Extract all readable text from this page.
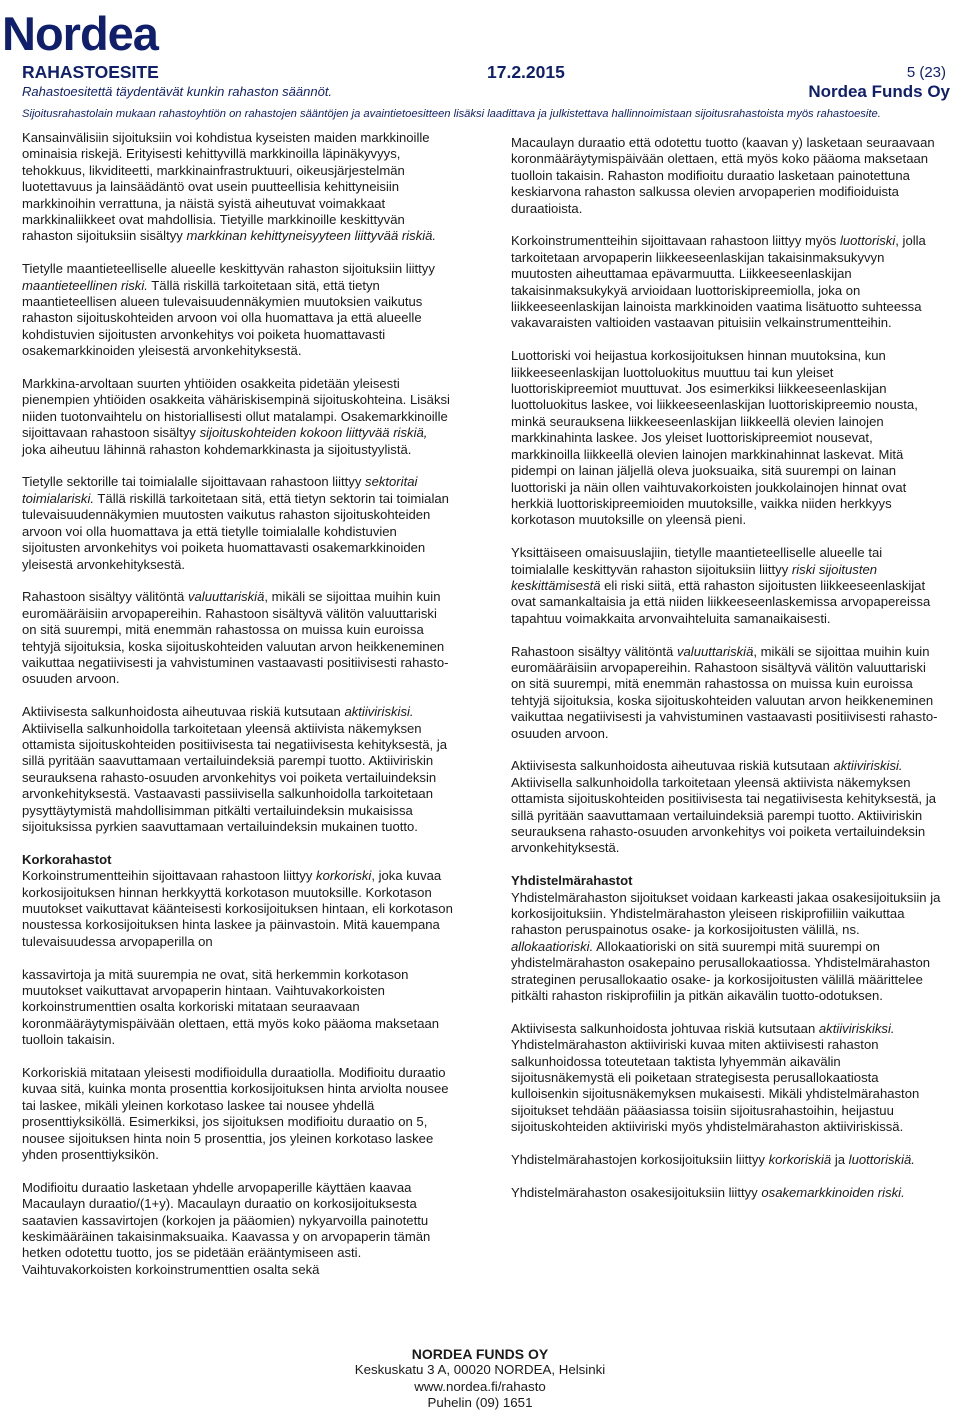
Nordea
RAHASTOESITE	17.2.2015	5 (23)
Rahastoesitettä täydentävät kunkin rahaston säännöt.	Nordea Funds Oy
Sijoitusrahastolain mukaan rahastoyhtiön on rahastojen sääntöjen ja avaintietoesitteen lisäksi laadittava ja julkistettava hallinnoimistaan sijoitusrahastoista myös rahastoesite.

Kansainvälisiin sijoituksiin voi kohdistua kyseisten maiden markkinoille ominaisia riskejä. Erityisesti kehittyvillä markkinoilla läpinäkyvyys, tehokkuus, likviditeetti, markkinainfrastruktuuri, oikeusjärjestelmän luotettavuus ja lainsäädäntö ovat usein puutteellisia kehittyneisiin markkinoihin verrattuna, ja näistä syistä aiheutuvat voimakkaat markkinaliikkeet ovat mahdollisia. Tietyille markkinoille keskittyvän rahaston sijoituksiin sisältyy markkinan kehittyneisyyteen liittyvää riskiä.

Tietylle maantieteelliselle alueelle keskittyvän rahaston sijoituksiin liittyy maantieteellinen riski. Tällä riskillä tarkoitetaan sitä, että tietyn maantieteellisen alueen tulevaisuudennäkymien muutoksien vaikutus rahaston sijoituskohteiden arvoon voi olla huomattava ja että alueelle kohdistuvien sijoitusten arvonkehitys voi poiketa huomattavasti osakemarkkinoiden yleisestä arvonkehityksestä.

Markkina-arvoltaan suurten yhtiöiden osakkeita pidetään yleisesti pienempien yhtiöiden osakkeita vähäriskisempinä sijoituskohteina. Lisäksi niiden tuotonvaihtelu on historiallisesti ollut matalampi. Osakemarkkinoille sijoittavaan rahastoon sisältyy sijoituskohteiden kokoon liittyvää riskiä, joka aiheutuu lähinnä rahaston kohdemarkkinasta ja sijoitustyylistä.

Tietylle sektorille tai toimialalle sijoittavaan rahastoon liittyy sektoritai toimialariski. Tällä riskillä tarkoitetaan sitä, että tietyn sektorin tai toimialan tulevaisuudennäkymien muutosten vaikutus rahaston sijoituskohteiden arvoon voi olla huomattava ja että tietylle toimialalle kohdistuvien sijoitusten arvonkehitys voi poiketa huomattavasti osakemarkkinoiden yleisestä arvonkehityksestä.

Rahastoon sisältyy välitöntä valuuttariskiä, mikäli se sijoittaa muihin kuin euromääräisiin arvopapereihin. Rahastoon sisältyvä välitön valuuttariski on sitä suurempi, mitä enemmän rahastossa on muissa kuin euroissa tehtyjä sijoituksia, koska sijoituskohteiden valuutan arvon heikkeneminen vaikuttaa negatiivisesti ja vahvistuminen vastaavasti positiivisesti rahasto-osuuden arvoon.

Aktiivisesta salkunhoidosta aiheutuvaa riskiä kutsutaan aktiiviriskisi. Aktiivisella salkunhoidolla tarkoitetaan yleensä aktiivista näkemyksen ottamista sijoituskohteiden positiivisesta tai negatiivisesta kehityksestä, ja sillä pyritään saavuttamaan vertailuindeksiä parempi tuotto. Aktiiviriskin seurauksena rahasto-osuuden arvonkehitys voi poiketa vertailuindeksin arvonkehityksestä. Vastaavasti passiivisella salkunhoidolla tarkoitetaan pysyttäytymistä mahdollisimman pitkälti vertailuindeksin mukaisissa sijoituksissa pyrkien saavuttamaan vertailuindeksin mukainen tuotto.

Korkorahastot

Korkoinstrumentteihin sijoittavaan rahastoon liittyy korkoriski, joka kuvaa korkosijoituksen hinnan herkkyyttä korkotason muutoksille. Korkotason muutokset vaikuttavat käänteisesti korkosijoituksen hintaan, eli korkotason noustessa korkosijoituksen hinta laskee ja päinvastoin. Mitä kauempana tulevaisuudessa arvopaperilla on

kassavirtoja ja mitä suurempia ne ovat, sitä herkemmin korkotason muutokset vaikuttavat arvopaperin hintaan. Vaihtuvakorkoisten korkoinstrumenttien osalta korkoriski mitataan seuraavaan koronmääräytymispäivään olettaen, että myös koko pääoma maksetaan tuolloin takaisin.

Korkoriskiä mitataan yleisesti modifioidulla duraatiolla. Modifioitu duraatio kuvaa sitä, kuinka monta prosenttia korkosijoituksen hinta arviolta nousee tai laskee, mikäli yleinen korkotaso laskee tai nousee yhdellä prosenttiyksiköllä. Esimerkiksi, jos sijoituksen modifioitu duraatio on 5, nousee sijoituksen hinta noin 5 prosenttia, jos yleinen korkotaso laskee yhden prosenttiyksikön.

Modifioitu duraatio lasketaan yhdelle arvopaperille käyttäen kaavaa Macaulayn duraatio/(1+y). Macaulayn duraatio on korkosijoituksesta saatavien kassavirtojen (korkojen ja pääomien) nykyarvoilla painotettu keskimääräinen takaisinmaksuaika. Kaavassa y on arvopaperin tämän hetken odotettu tuotto, jos se pidetään erääntymiseen asti. Vaihtuvakorkoisten korkoinstrumenttien osalta sekä

Macaulayn duraatio että odotettu tuotto (kaavan y) lasketaan seuraavaan koronmääräytymispäivään olettaen, että myös koko pääoma maksetaan tuolloin takaisin. Rahaston modifioitu duraatio lasketaan painotettuna keskiarvona rahaston salkussa olevien arvopaperien modifioiduista duraatioista.

Korkoinstrumentteihin sijoittavaan rahastoon liittyy myös luottoriski, jolla tarkoitetaan arvopaperin liikkeeseenlaskijan takaisinmaksukyvyn muutosten aiheuttamaa epävarmuutta. Liikkeeseenlaskijan takaisinmaksukykyä arvioidaan luottoriskipreemiolla, joka on liikkeeseenlaskijan lainoista markkinoiden vaatima lisätuotto suhteessa vakavaraisten valtioiden vastaavan pituisiin velkainstrumentteihin.

Luottoriski voi heijastua korkosijoituksen hinnan muutoksina, kun liikkeeseenlaskijan luottoluokitus muuttuu tai kun yleiset luottoriskipreemiot muuttuvat. Jos esimerkiksi liikkeeseenlaskijan luottoluokitus laskee, voi liikkeeseenlaskijan luottoriskipreemio nousta, minkä seurauksena liikkeeseenlaskijan liikkeellä olevien lainojen markkinahinta laskee. Jos yleiset luottoriskipreemiot nousevat, markkinoilla liikkeellä olevien lainojen markkinahinnat laskevat. Mitä pidempi on lainan jäljellä oleva juoksuaika, sitä suurempi on lainan luottoriski ja näin ollen vaihtuvakorkoisten joukkolainojen hinnat ovat herkkiä luottoriskipreemioiden muutoksille, vaikka niiden herkkyys korkotason muutoksille on yleensä pieni.

Yksittäiseen omaisuuslajiin, tietylle maantieteelliselle alueelle tai toimialalle keskittyvän rahaston sijoituksiin liittyy riski sijoitusten keskittämisestä eli riski siitä, että rahaston sijoitusten liikkeeseenlaskijat ovat samankaltaisia ja että niiden liikkeeseenlaskemissa arvopapereissa tapahtuu voimakkaita arvonvaihteluita samanaikaisesti.

Rahastoon sisältyy välitöntä valuuttariskiä, mikäli se sijoittaa muihin kuin euromääräisiin arvopapereihin. Rahastoon sisältyvä välitön valuuttariski on sitä suurempi, mitä enemmän rahastossa on muissa kuin euroissa tehtyjä sijoituksia, koska sijoituskohteiden valuutan arvon heikkeneminen vaikuttaa negatiivisesti ja vahvistuminen vastaavasti positiivisesti rahasto-osuuden arvoon.

Aktiivisesta salkunhoidosta aiheutuvaa riskiä kutsutaan aktiiviriskisi. Aktiivisella salkunhoidolla tarkoitetaan yleensä aktiivista näkemyksen ottamista sijoituskohteiden positiivisesta tai negatiivisesta kehityksestä, ja sillä pyritään saavuttamaan vertailuindeksiä parempi tuotto. Aktiiviriskin seurauksena rahasto-osuuden arvonkehitys voi poiketa vertailuindeksin arvonkehityksestä.

Yhdistelmärahastot

Yhdistelmärahaston sijoitukset voidaan karkeasti jakaa osakesijoituksiin ja korkosijoituksiin. Yhdistelmärahaston yleiseen riskiprofiiliin vaikuttaa rahaston peruspainotus osake- ja korkosijoitusten välillä, ns. allokaatioriski. Allokaatioriski on sitä suurempi mitä suurempi on yhdistelmärahaston osakepaino perusallokaatiossa. Yhdistelmärahaston strateginen perusallokaatio osake- ja korkosijoitusten välillä määrittelee pitkälti rahaston riskiprofiilin ja pitkän aikavälin tuotto-odotuksen.

Aktiivisesta salkunhoidosta johtuvaa riskiä kutsutaan aktiiviriskiksi. Yhdistelmärahaston aktiiviriski kuvaa miten aktiivisesti rahaston salkunhoidossa toteutetaan taktista lyhyemmän aikavälin sijoitusnäkemystä eli poiketaan strategisesta perusallokaatiosta kulloisenkin sijoitusnäkemyksen mukaisesti. Mikäli yhdistelmärahaston sijoitukset tehdään pääasiassa toisiin sijoitusrahastoihin, heijastuu sijoituskohteiden aktiiviriski myös yhdistelmärahaston aktiiviriskissä.

Yhdistelmärahastojen korkosijoituksiin liittyy korkoriskiä ja luottoriskiä.

Yhdistelmärahaston osakesijoituksiin liittyy osakemarkkinoiden riski.

NORDEA FUNDS OY
Keskuskatu 3 A, 00020 NORDEA, Helsinki
www.nordea.fi/rahasto
Puhelin (09) 1651
